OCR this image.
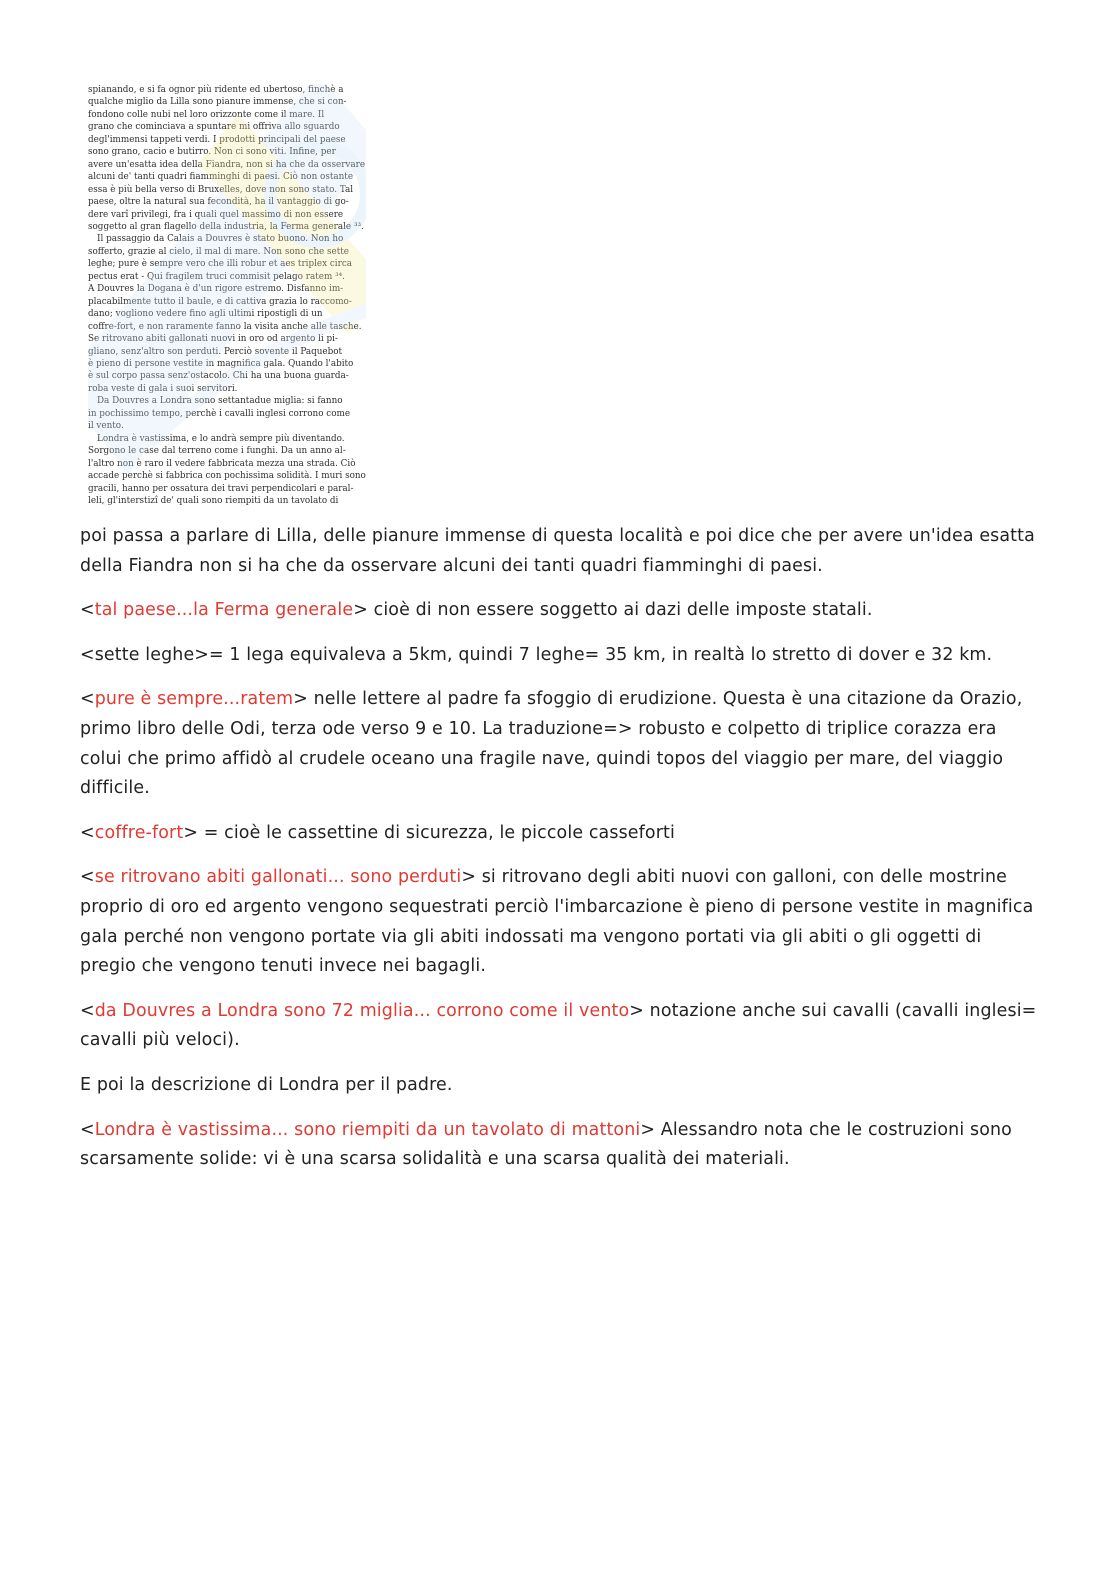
spianando, e si fa ognor più ridente ed ubertoso, finchè a
qualche miglio da Lilla sono pianure immense, che si con-
fondono colle nubi nel loro orizzonte come il mare. Il
grano che cominciava a spuntare mi offriva allo sguardo
degl'immensi tappeti verdi. I prodotti principali del paese
sono grano, cacio e butirro. Non ci sono viti. Infine, per
avere un'esatta idea della Fiandra, non si ha che da osservare
alcuni de' tanti quadri fiamminghi di paesi. Ciò non ostante
essa è più bella verso di Bruxelles, dove non sono stato. Tal
paese, oltre la natural sua fecondità, ha il vantaggio di go-
dere varî privilegi, fra i quali quel massimo di non essere
soggetto al gran flagello della industria, la Ferma generale ³³.
Il passaggio da Calais a Douvres è stato buono. Non ho
sofferto, grazie al cielo, il mal di mare. Non sono che sette
leghe; pure è sempre vero che illi robur et aes triplex circa
pectus erat - Qui fragilem truci commisit pelago ratem ³⁴.
A Douvres la Dogana è d'un rigore estremo. Disfanno im-
placabilmente tutto il baule, e di cattiva grazia lo raccomo-
dano; vogliono vedere fino agli ultimi ripostigli di un
coffre-fort, e non raramente fanno la visita anche alle tasche.
Se ritrovano abiti gallonati nuovi in oro od argento li pi-
gliano, senz'altro son perduti. Perciò sovente il Paquebot
è pieno di persone vestite in magnifica gala. Quando l'abito
è sul corpo passa senz'ostacolo. Chi ha una buona guarda-
roba veste di gala i suoi servitori.
Da Douvres a Londra sono settantadue miglia: si fanno
in pochissimo tempo, perchè i cavalli inglesi corrono come
il vento.
Londra è vastissima, e lo andrà sempre più diventando.
Sorgono le case dal terreno come i funghi. Da un anno al-
l'altro non è raro il vedere fabbricata mezza una strada. Ciò
accade perchè si fabbrica con pochissima solidità. I muri sono
gracili, hanno per ossatura dei travi perpendicolari e paral-
leli, gl'interstizî de' quali sono riempiti da un tavolato di

poi passa a parlare di Lilla, delle pianure immense di questa località e poi dice che per avere un'idea esatta della Fiandra non si ha che da osservare alcuni dei tanti quadri fiamminghi di paesi.

<tal paese...la Ferma generale> cioè di non essere soggetto ai dazi delle imposte statali.

<sette leghe>= 1 lega equivaleva a 5km, quindi 7 leghe= 35 km, in realtà lo stretto di dover e 32 km.

<pure è sempre...ratem> nelle lettere al padre fa sfoggio di erudizione. Questa è una citazione da Orazio, primo libro delle Odi, terza ode verso 9 e 10. La traduzione=> robusto e colpetto di triplice corazza era colui che primo affidò al crudele oceano una fragile nave, quindi topos del viaggio per mare, del viaggio difficile.

<coffre-fort> = cioè le cassettine di sicurezza, le piccole casseforti

<se ritrovano abiti gallonati... sono perduti> si ritrovano degli abiti nuovi con galloni, con delle mostrine proprio di oro ed argento vengono sequestrati perciò l'imbarcazione è pieno di persone vestite in magnifica gala perché non vengono portate via gli abiti indossati ma vengono portati via gli abiti o gli oggetti di pregio che vengono tenuti invece nei bagagli.

<da Douvres a Londra sono 72 miglia... corrono come il vento> notazione anche sui cavalli (cavalli inglesi= cavalli più veloci).

E poi la descrizione di Londra per il padre.

<Londra è vastissima... sono riempiti da un tavolato di mattoni> Alessandro nota che le costruzioni sono scarsamente solide: vi è una scarsa solidalità e una scarsa qualità dei materiali.
